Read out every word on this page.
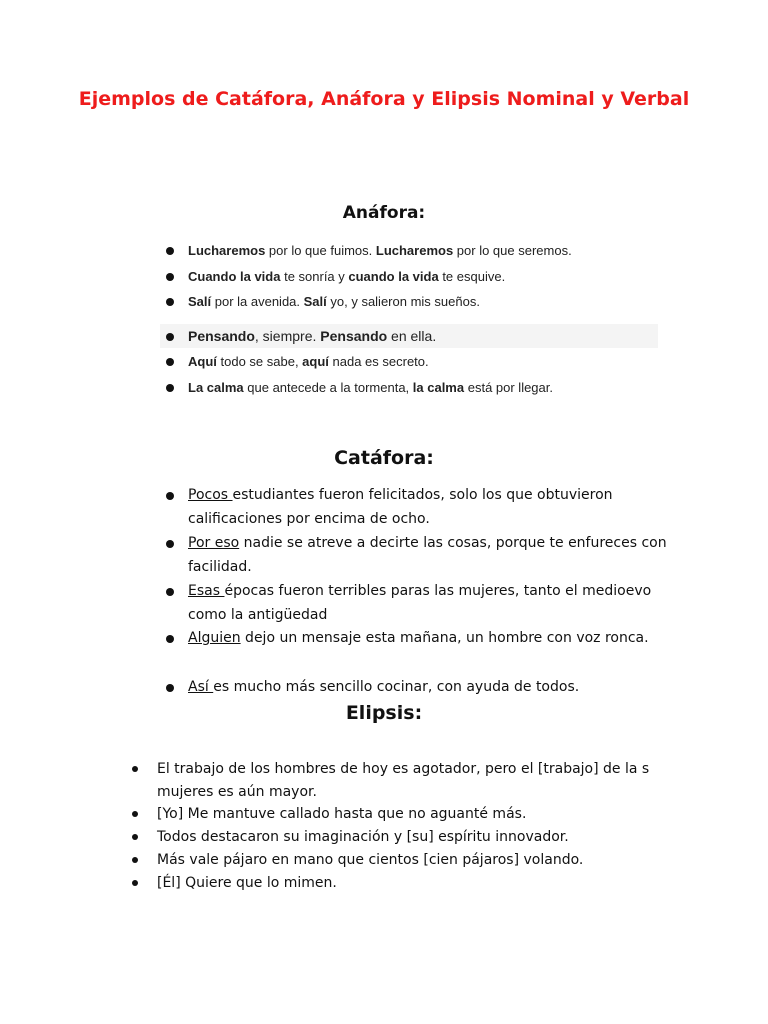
Ejemplos de Catáfora, Anáfora y Elipsis Nominal y Verbal
Anáfora:
Lucharemos por lo que fuimos. Lucharemos por lo que seremos.
Cuando la vida te sonría y cuando la vida te esquive.
Salí por la avenida. Salí yo, y salieron mis sueños.
Pensando, siempre. Pensando en ella.
Aquí todo se sabe, aquí nada es secreto.
La calma que antecede a la tormenta, la calma está por llegar.
Catáfora:
Pocos estudiantes fueron felicitados, solo los que obtuvieron calificaciones por encima de ocho.
Por eso nadie se atreve a decirte las cosas, porque te enfureces con facilidad.
Esas épocas fueron terribles paras las mujeres, tanto el medioevo como la antigüedad
Alguien dejo un mensaje esta mañana, un hombre con voz ronca.
Así es mucho más sencillo cocinar, con ayuda de todos.
Elipsis:
El trabajo de los hombres de hoy es agotador, pero el [trabajo] de la s mujeres es aún mayor.
[Yo] Me mantuve callado hasta que no aguanté más.
Todos destacaron su imaginación y [su] espíritu innovador.
Más vale pájaro en mano que cientos [cien pájaros] volando.
[Él] Quiere que lo mimen.
